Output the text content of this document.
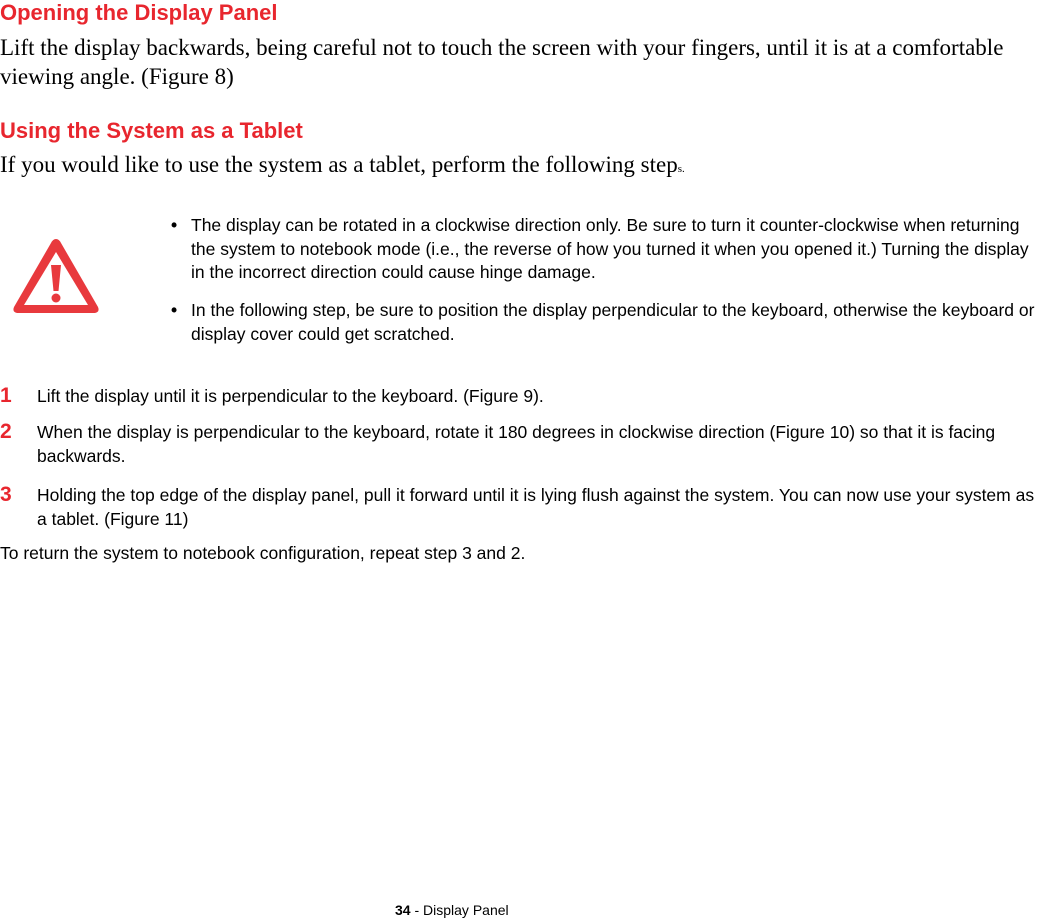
Opening the Display Panel

Lift the display backwards, being careful not to touch the screen with your fingers, until it is at a comfortable viewing angle. (Figure 8)

Using the System as a Tablet

If you would like to use the system as a tablet, perform the following steps.

• The display can be rotated in a clockwise direction only. Be sure to turn it counter-clockwise when returning the system to notebook mode (i.e., the reverse of how you turned it when you opened it.) Turning the display in the incorrect direction could cause hinge damage.

• In the following step, be sure to position the display perpendicular to the keyboard, otherwise the keyboard or display cover could get scratched.

1 Lift the display until it is perpendicular to the keyboard. (Figure 9).

2 When the display is perpendicular to the keyboard, rotate it 180 degrees in clockwise direction (Figure 10) so that it is facing backwards.

3 Holding the top edge of the display panel, pull it forward until it is lying flush against the system. You can now use your system as a tablet. (Figure 11)

To return the system to notebook configuration, repeat step 3 and 2.

34 - Display Panel
